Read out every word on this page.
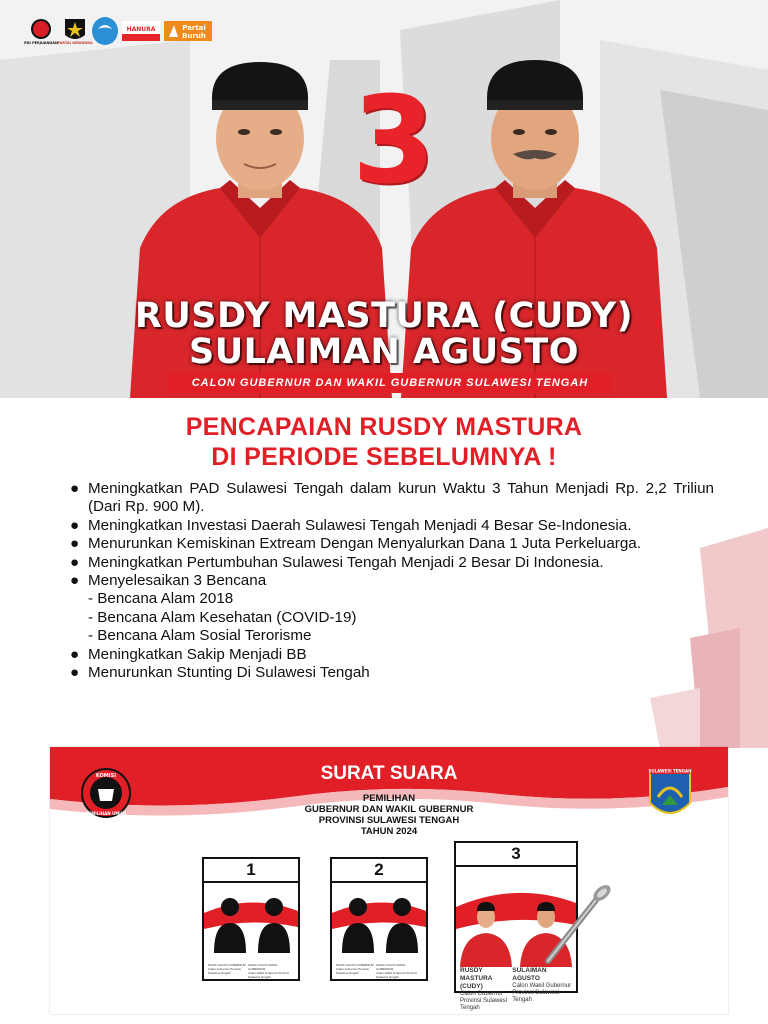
PDI PERJUANGAN PARTAI GERINDRA GELORA
HANURA	Partai
Buruh
3
RUSDY MASTURA (CUDY)
SULAIMAN AGUSTO
CALON GUBERNUR DAN WAKIL GUBERNUR SULAWESI TENGAH
PENCAPAIAN RUSDY MASTURA
DI PERIODE SEBELUMNYA !
● Meningkatkan PAD Sulawesi Tengah dalam kurun Waktu 3 Tahun Menjadi Rp. 2,2 Triliun (Dari Rp. 900 M).
● Meningkatkan Investasi Daerah Sulawesi Tengah Menjadi 4 Besar Se-Indonesia.
● Menurunkan Kemiskinan Extream Dengan Menyalurkan Dana 1 Juta Perkeluarga.
● Meningkatkan Pertumbuhan Sulawesi Tengah Menjadi 2 Besar Di Indonesia.
● Menyelesaikan 3 Bencana
- Bencana Alam 2018
- Bencana Alam Kesehatan (COVID-19)
- Bencana Alam Sosial Terorisme
● Meningkatkan Sakip Menjadi BB
● Menurunkan Stunting Di Sulawesi Tengah
KOMISI
PEMILIHAN UMUM
SURAT SUARA
PEMILIHAN
GUBERNUR DAN WAKIL GUBERNUR
PROVINSI SULAWESI TENGAH
TAHUN 2024
SULAWESI TENGAH
1
NAMA CALON GUBERNUR
Calon Gubernur Provinsi Sulawesi Tengah
NAMA CALON WAKIL GUBERNUR
Calon Wakil Gubernur Provinsi Sulawesi Tengah
2
NAMA CALON GUBERNUR
Calon Gubernur Provinsi Sulawesi Tengah
NAMA CALON WAKIL GUBERNUR
Calon Wakil Gubernur Provinsi Sulawesi Tengah
3
RUSDY MASTURA (CUDY)
Calon Gubernur Provinsi Sulawesi Tengah
SULAIMAN AGUSTO
Calon Wakil Gubernur Provinsi Sulawesi Tengah
